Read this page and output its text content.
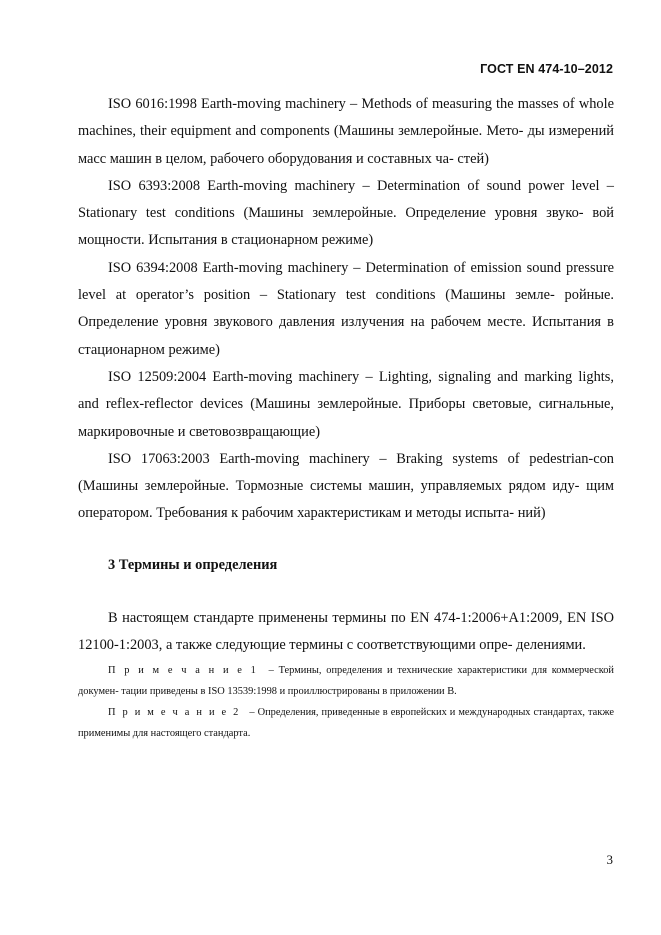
ГОСТ EN 474-10–2012

ISO 6016:1998 Earth-moving machinery – Methods of measuring the masses of whole machines, their equipment and components (Машины землеройные. Мето- ды измерений масс машин в целом, рабочего оборудования и составных ча- стей)

ISO 6393:2008 Earth-moving machinery – Determination of sound power level – Stationary test conditions (Машины землеройные. Определение уровня звуко- вой мощности. Испытания в стационарном режиме)

ISO 6394:2008 Earth-moving machinery – Determination of emission sound pressure level at operator’s position – Stationary test conditions (Машины земле- ройные. Определение уровня звукового давления излучения на рабочем месте. Испытания в стационарном режиме)

ISO 12509:2004 Earth-moving machinery – Lighting, signaling and marking lights, and reflex-reflector devices (Машины землеройные. Приборы световые, сигнальные, маркировочные и световозвращающие)

ISO 17063:2003 Earth-moving machinery – Braking systems of pedestrian-con (Машины землеройные. Тормозные системы машин, управляемых рядом иду- щим оператором. Требования к рабочим характеристикам и методы испыта- ний)

3 Термины и определения

В настоящем стандарте применены термины по EN 474-1:2006+A1:2009, EN ISO 12100-1:2003, а также следующие термины с соответствующими опре- делениями.

П р и м е ч а н и е 1 – Термины, определения и технические характеристики для коммерческой докумен- тации приведены в ISO 13539:1998 и проиллюстрированы в приложении В.

П р и м е ч а н и е 2 – Определения, приведенные в европейских и международных стандартах, также применимы для настоящего стандарта.

3
